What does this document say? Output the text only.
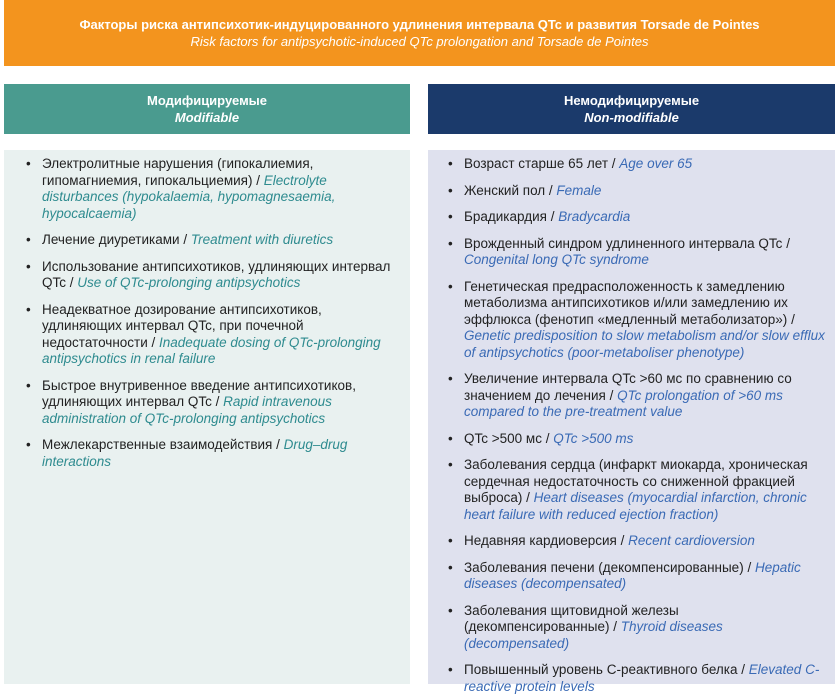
Факторы риска антипсихотик-индуцированного удлинения интервала QTc и развития Torsade de Pointes
Risk factors for antipsychotic-induced QTc prolongation and Torsade de Pointes
Модифицируемые
Modifiable
Немодифицируемые
Non-modifiable
• Электролитные нарушения (гипокалиемия, гипомагниемия, гипокальциемия) / Electrolyte disturbances (hypokalaemia, hypomagnesaemia, hypocalcaemia)
• Лечение диуретиками / Treatment with diuretics
• Использование антипсихотиков, удлиняющих интервал QTc / Use of QTc-prolonging antipsychotics
• Неадекватное дозирование антипсихотиков, удлиняющих интервал QTc, при почечной недостаточности / Inadequate dosing of QTc-prolonging antipsychotics in renal failure
• Быстрое внутривенное введение антипсихотиков, удлиняющих интервал QTc / Rapid intravenous administration of QTc-prolonging antipsychotics
• Межлекарственные взаимодействия / Drug–drug interactions
• Возраст старше 65 лет / Age over 65
• Женский пол / Female
• Брадикардия / Bradycardia
• Врожденный синдром удлиненного интервала QTc / Congenital long QTc syndrome
• Генетическая предрасположенность к замедлению метаболизма антипсихотиков и/или замедлению их эффлюкса (фенотип «медленный метаболизатор») / Genetic predisposition to slow metabolism and/or slow efflux of antipsychotics (poor-metaboliser phenotype)
• Увеличение интервала QTc >60 мс по сравнению со значением до лечения / QTc prolongation of >60 ms compared to the pre-treatment value
• QTc >500 мс / QTc >500 ms
• Заболевания сердца (инфаркт миокарда, хроническая сердечная недостаточность со сниженной фракцией выброса) / Heart diseases (myocardial infarction, chronic heart failure with reduced ejection fraction)
• Недавняя кардиоверсия / Recent cardioversion
• Заболевания печени (декомпенсированные) / Hepatic diseases (decompensated)
• Заболевания щитовидной железы (декомпенсированные) / Thyroid diseases (decompensated)
• Повышенный уровень С-реактивного белка / Elevated C-reactive protein levels
